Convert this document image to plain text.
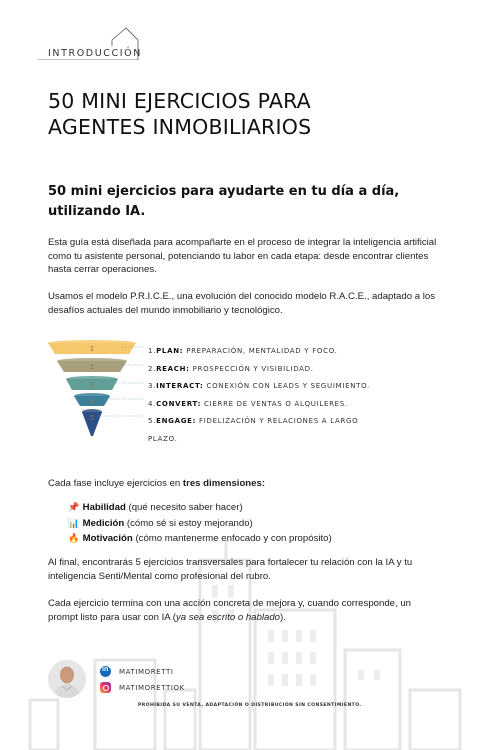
INTRODUCCIÓN
50 MINI EJERCICIOS PARA
AGENTES INMOBILIARIOS
50 mini ejercicios para ayudarte en tu día a día,
utilizando IA.

Esta guía está diseñada para acompañarte en el proceso de integrar la inteligencia artificial como tu asistente personal, potenciando tu labor en cada etapa: desde encontrar clientes hasta cerrar operaciones.

Usamos el modelo P.R.I.C.E., una evolución del conocido modelo R.A.C.E., adaptado a los desafíos actuales del mundo inmobiliario y tecnológico.

1
2
3
4
5
1.PLAN: PREPARACIÓN, MENTALIDAD Y FOCO.
2.REACH: PROSPECCIÓN Y VISIBILIDAD.
3.INTERACT: CONEXIÓN CON LEADS Y SEGUIMIENTO.
4.CONVERT: CIERRE DE VENTAS O ALQUILERES.
5.ENGAGE: FIDELIZACIÓN Y RELACIONES A LARGO PLAZO.

Cada fase incluye ejercicios en tres dimensiones:

📌 Habilidad (qué necesito saber hacer)
📊 Medición (cómo sé si estoy mejorando)
🔥 Motivación (cómo mantenerme enfocado y con propósito)

Al final, encontrarás 5 ejercicios transversales para fortalecer tu relación con la IA y tu inteligencia Senti/Mental como profesional del rubro.

Cada ejercicio termina con una acción concreta de mejora y, cuando corresponde, un prompt listo para usar con IA (ya sea escrito o hablado).

in MATIMORETTI
MATIMORETTIOK
PROHIBIDA SU VENTA, ADAPTACIÓN O DISTRIBUCIÓN SIN CONSENTIMIENTO.
